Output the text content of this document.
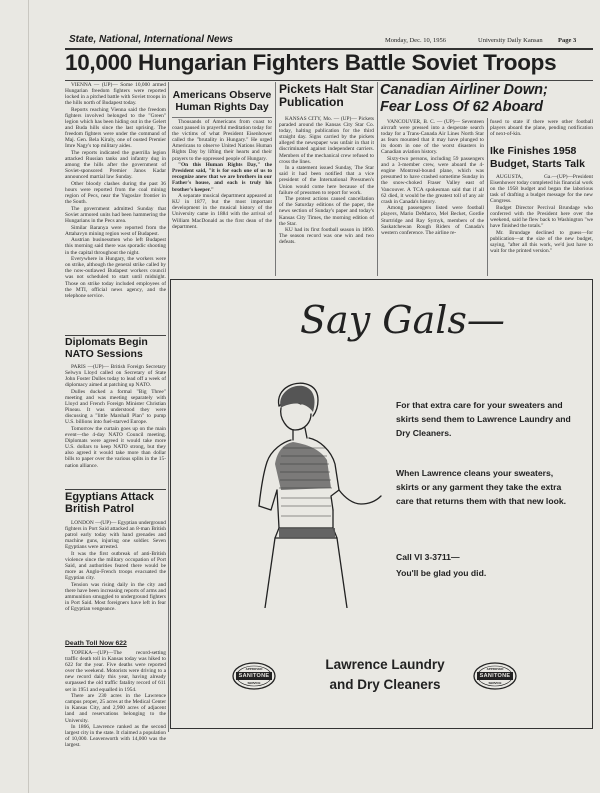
State, National, International News	Monday, Dec. 10, 1956	University Daily Kansan	Page 3
10,000 Hungarian Fighters Battle Soviet Troops

VIENNA — (UP)— Some 10,000 armed Hungarian freedom fighters were reported locked in a pitched battle with Soviet troops in the hills north of Budapest today.

Reports reaching Vienna said the freedom fighters involved belonged to the "Green" legion which has been hiding out in the Gelert and Buda hills since the last uprising. The freedom fighters were under the command of Maj. Gen. Bela Kiraly, one of ousted Premier Imre Nagy's top military aides.

The reports indicated the guerrilla legion attacked Russian tanks and infantry dug in among the hills after the government of Soviet-sponsored Premier Janos Kadar announced martial law Sunday.

Other bloody clashes during the past 36 hours were reported from the coal mining region of Pecs, near the Yugoslav frontier in the South.

The government admitted Sunday that Soviet armored units had been hammering the Hungarians in the Pecs area.

Similar Baranya were reported from the Attahavyn mining region west of Budapest.

Austrian businessmen who left Budapest this morning said there was sporadic shooting in the capital throughout the night.

Everywhere in Hungary, the workers were on strike, although the general strike called by the now-outlawed Budapest workers council was not scheduled to start until midnight. Those on strike today included employees of the MTI, official news agency, and the telephone service.

Americans Observe Human Rights Day

Thousands of Americans from coast to coast paused in prayerful meditation today for the victims of what President Eisenhower called the "brutality in Hungary." He urged Americans to observe United Nations Human Rights Day by lifting their hearts and their prayers to the oppressed people of Hungary.

"On this Human Rights Day," the President said, "it is for each one of us to recognize anew that we are brothers in our Father's house, and each is truly his brother's keeper."

A separate musical department appeared at KU in 1877, but the most important development in the musical history of the University came in 1884 with the arrival of William MacDonald as the first dean of the department.

Pickets Halt Star Publication

KANSAS CITY, Mo. — (UP)— Pickets paraded around the Kansas City Star Co. today, halting publication for the third straight day. Signs carried by the pickets alleged the newspaper was unfair in that it discriminated against independent carriers. Members of the mechanical crew refused to cross the lines.

In a statement issued Sunday, The Star said it had been notified that a vice president of the International Pressmen's Union would come here because of the failure of pressmen to report for work.

The protest actions caused cancellation of the Saturday editions of the paper, the news section of Sunday's paper and today's Kansas City Times, the morning edition of the Star.

KU had its first football season in 1890. The season record was one win and two defeats.

Canadian Airliner Down;
Fear Loss Of 62 Aboard

VANCOUVER, B. C. — (UP)— Seventeen aircraft were pressed into a desperate search today for a Trans-Canada Air Lines North Star as fears mounted that it may have plunged to its doom in one of the worst disasters in Canadian aviation history.

Sixty-two persons, including 59 passengers and a 3-member crew, were aboard the 4-engine Montreal-bound plane, which was presumed to have crashed sometime Sunday in the snow-choked Fraser Valley east of Vancouver. A TCA spokesman said that if all 62 died, it would be the greatest toll of any air crash in Canada's history.

Among passengers listed were football players, Mario DeMarco, Mel Becket, Gordie Sturtridge and Ray Syrnyk, members of the Saskatchewan Rough Riders of Canada's western conference. The airline re-

fused to state if there were other football players aboard the plane, pending notification of next-of-kin.
Ike Finishes 1958
Budget, Starts Talk

AUGUSTA, Ga.—(UP)—President Eisenhower today completed his financial work on the 1958 budget and began the laborious task of drafting a budget message for the new Congress.

Budget Director Percival Brundage who conferred with the President here over the weekend, said he flew back to Washington "we have finished the totals."

Mr. Brundage declined to guess—for publication—at the size of the new budget, saying, "after all this work, we'd just have to wait for the printed version."

Diplomats Begin NATO Sessions

PARIS —(UP)— British Foreign Secretary Selwyn Lloyd called on Secretary of State John Foster Dulles today to lead off a week of diplomacy aimed at patching up NATO.

Dulles ducked a formal "Big Three" meeting and was meeting separately with Lloyd and French Foreign Minister Christian Pineau. It was understood they were discussing a "little Marshall Plan" to pump U.S. billions into fuel-starved Europe.

Tomorrow the curtain goes up on the main event—the 4-day NATO Council meeting. Diplomats were agreed it would take more U.S. dollars to keep NATO strong, but they also agreed it would take more than dollar bills to paper over the various splits in the 15-nation alliance.

Egyptians Attack British Patrol

LONDON —(UP)— Egyptian underground fighters in Port Said attacked an 8-man British patrol early today with hand grenades and machine guns, injuring one soldier. Seven Egyptians were arrested.

It was the first outbreak of anti-British violence since the military occupation of Port Said, and authorities feared there would be more as Anglo-French troops evacuated the Egyptian city.

Tension was rising daily in the city and there have been increasing reports of arms and ammunition smuggled to underground fighters in Port Said. Most foreigners have left in fear of Egyptian vengeance.

Death Toll Now 622

TOPEKA—(UP)—The record-setting traffic death toll in Kansas today was hiked to 622 for the year. Five deaths were reported over the weekend. Motorists were driving to a new record daily this year, having already surpassed the old traffic fatality record of 611 set in 1951 and equalled in 1954.

There are 230 acres in the Lawrence campus proper, 25 acres at the Medical Center in Kansas City, and 2,900 acres of adjacent land and reservations belonging to the University.

In 1866, Lawrence ranked as the second largest city in the state. It claimed a population of 10,000. Leavenworth with 14,000 was the largest.

Say Gals—
For that extra care for your sweaters and skirts send them to Lawrence Laundry and Dry Cleaners.
When Lawrence cleans your sweaters, skirts or any garment they take the extra care that returns them with that new look.
Call VI 3-3711—
You'll be glad you did.
Lawrence Laundry
and Dry Cleaners
APPROVED
SANITONE
SERVICE
APPROVED
SANITONE
SERVICE
